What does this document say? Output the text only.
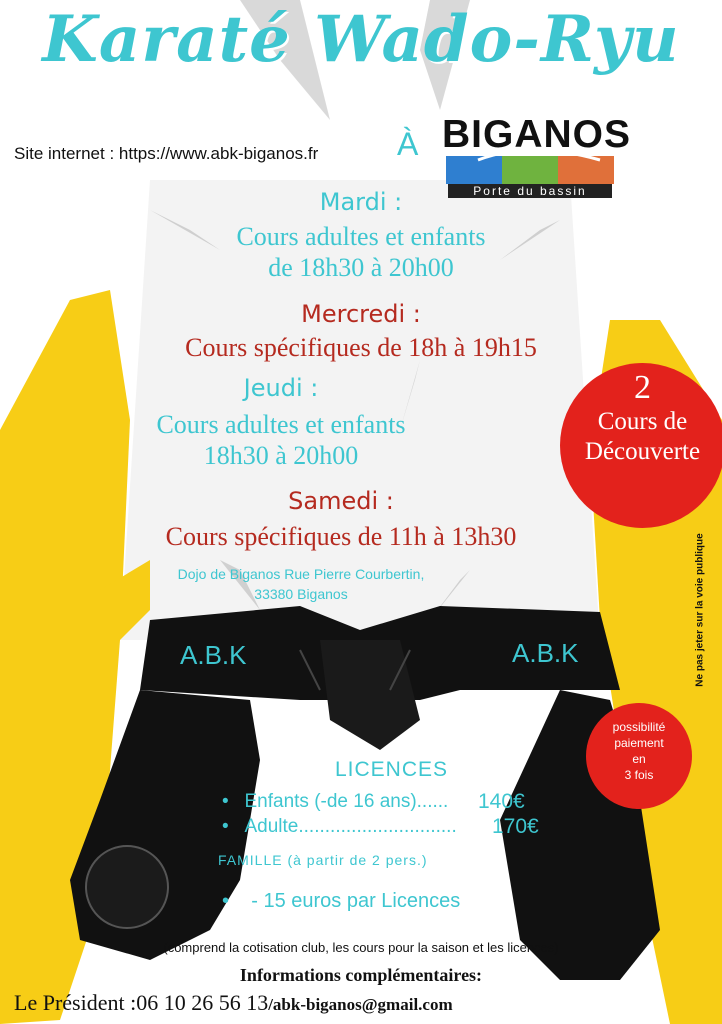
Karaté Wado-Ryu
Site internet : https://www.abk-biganos.fr À BIGANOS
Porte du bassin
Mardi :
Cours adultes et enfants
de 18h30 à 20h00
Mercredi :
Cours spécifiques de 18h à 19h15
Jeudi :
Cours adultes et enfants
18h30 à 20h00
Samedi :
Cours spécifiques de 11h à 13h30
Dojo de Biganos Rue Pierre Courbertin,
33380 Biganos
2
Cours de
Découverte
Ne pas jeter sur la voie publique
A.B.K	A.B.K
possibilité
paiement
en
3 fois
LICENCES
•   Enfants (-de 16 ans)...... 140€
•   Adulte.............................. 170€
FAMILLE (à partir de 2 pers.)
•    - 15 euros par Licences
(comprend la cotisation club, les cours pour la saison et les licences)
Informations complémentaires:
Le Président :06 10 26 56 13/abk-biganos@gmail.com
